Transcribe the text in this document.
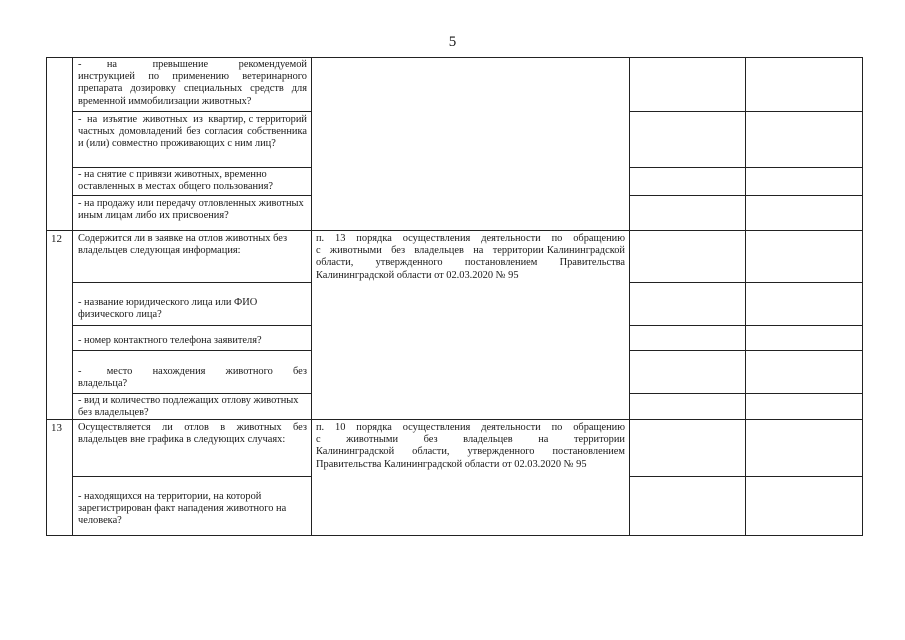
5
-     на       превышение      рекомендуемой инструкцией по применению ветеринарного препарата дозировку специальных средств для временной иммобилизации животных?
-  на  изъятие  животных  из  квартир, с территорий частных домовладений без согласия собственника и (или) совместно проживающих с ним лиц?
- на снятие с привязи животных, временно оставленных в местах общего пользования?
- на продажу или передачу отловленных животных иным лицам либо их присвоения?
12 Содержится ли в заявке на отлов животных без владельцев следующая информация:
п. 13 порядка осуществления деятельности по обращению с   животными   без   владельцев   на   территории Калининградской области, утвержденного постановлением Правительства Калининградской области от 02.03.2020 № 95
- название юридического лица или ФИО физического лица?
- номер контактного телефона заявителя?
-     место    нахождения    животного    без владельца?
- вид и количество подлежащих отлову животных без владельцев?
13 Осуществляется ли отлов в животных без владельцев вне графика в следующих случаях:
п. 10 порядка осуществления деятельности по обращению с    животными    без    владельцев    на    территории Калининградской области, утвержденного постановлением Правительства Калининградской области от 02.03.2020 № 95
- находящихся на территории, на которой зарегистрирован факт нападения животного на человека?
